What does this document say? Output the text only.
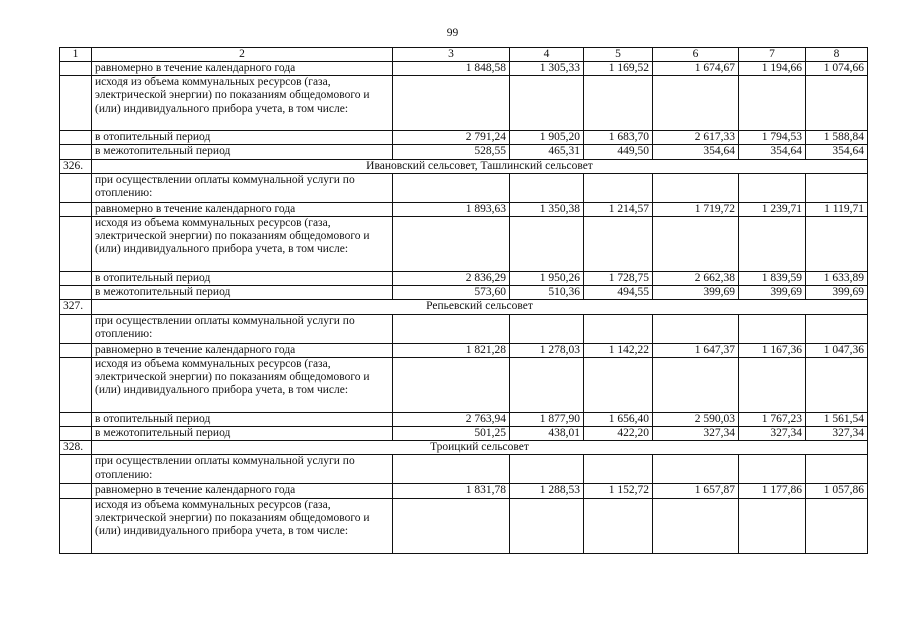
99
1	2	3	4	5	6	7	8
	равномерно в течение календарного года	1 848,58	1 305,33	1 169,52	1 674,67	1 194,66	1 074,66
	исходя из объема коммунальных ресурсов (газа, электрической энергии) по показаниям общедомового и (или) индивидуального прибора учета, в том числе:						
	в отопительный период	2 791,24	1 905,20	1 683,70	2 617,33	1 794,53	1 588,84
	в межотопительный период	528,55	465,31	449,50	354,64	354,64	354,64
326.	Ивановский сельсовет, Ташлинский сельсовет						
	при осуществлении оплаты коммунальной услуги по отоплению:						
	равномерно в течение календарного года	1 893,63	1 350,38	1 214,57	1 719,72	1 239,71	1 119,71
	исходя из объема коммунальных ресурсов (газа, электрической энергии) по показаниям общедомового и (или) индивидуального прибора учета, в том числе:						
	в отопительный период	2 836,29	1 950,26	1 728,75	2 662,38	1 839,59	1 633,89
	в межотопительный период	573,60	510,36	494,55	399,69	399,69	399,69
327.	Репьевский сельсовет						
	при осуществлении оплаты коммунальной услуги по отоплению:						
	равномерно в течение календарного года	1 821,28	1 278,03	1 142,22	1 647,37	1 167,36	1 047,36
	исходя из объема коммунальных ресурсов (газа, электрической энергии) по показаниям общедомового и (или) индивидуального прибора учета, в том числе:						
	в отопительный период	2 763,94	1 877,90	1 656,40	2 590,03	1 767,23	1 561,54
	в межотопительный период	501,25	438,01	422,20	327,34	327,34	327,34
328.	Троицкий сельсовет						
	при осуществлении оплаты коммунальной услуги по отоплению:						
	равномерно в течение календарного года	1 831,78	1 288,53	1 152,72	1 657,87	1 177,86	1 057,86
	исходя из объема коммунальных ресурсов (газа, электрической энергии) по показаниям общедомового и (или) индивидуального прибора учета, в том числе:						
